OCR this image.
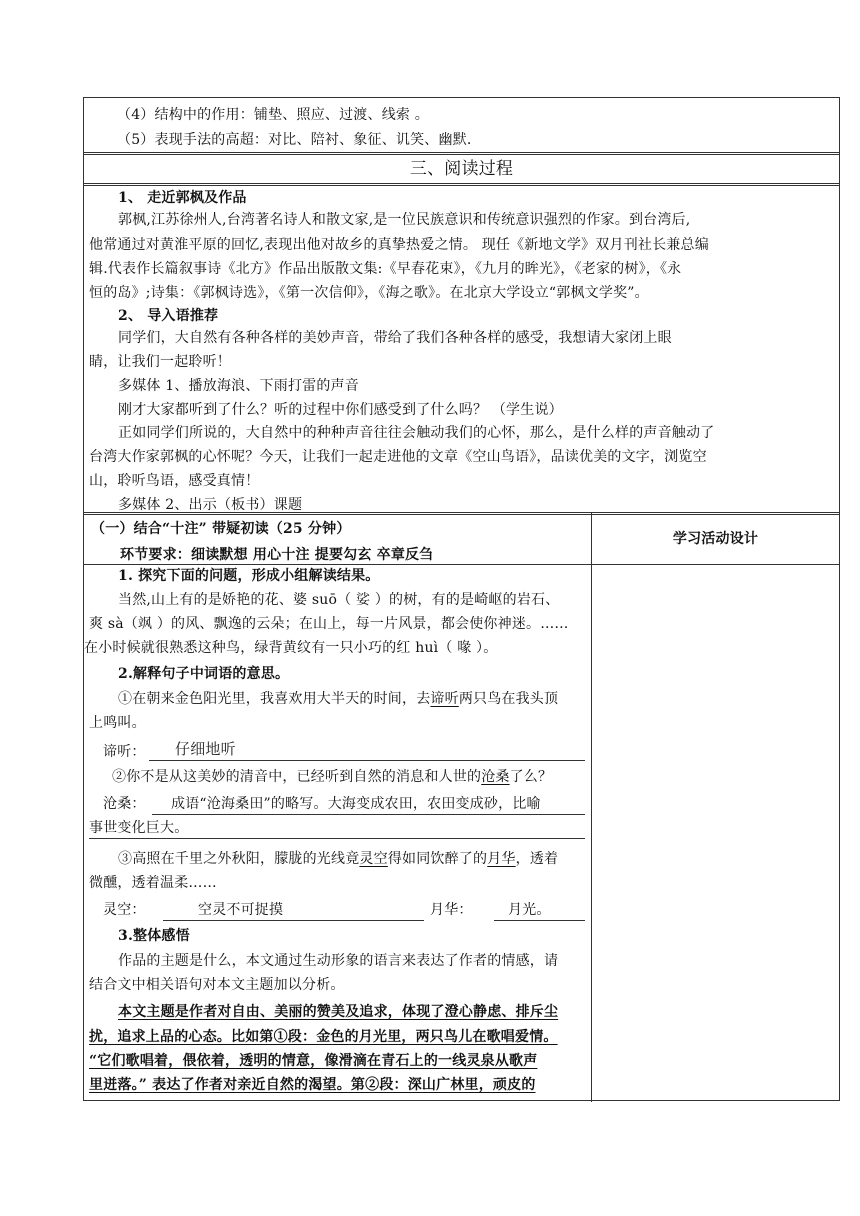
（4）结构中的作用：铺垫、照应、过渡、线索 。
（5）表现手法的高超：对比、陪衬、象征、讥笑、幽默.
三、阅读过程
1、 走近郭枫及作品
郭枫,江苏徐州人,台湾著名诗人和散文家,是一位民族意识和传统意识强烈的作家。到台湾后,
他常通过对黄淮平原的回忆,表现出他对故乡的真挚热爱之情。 现任《新地文学》双月刊社长兼总编
辑.代表作长篇叙事诗《北方》作品出版散文集:《早春花束》，《九月的眸光》，《老家的树》，《永
恒的岛》;诗集：《郭枫诗选》，《第一次信仰》，《海之歌》。在北京大学设立“郭枫文学奖”。
2、 导入语推荐
同学们，大自然有各种各样的美妙声音，带给了我们各种各样的感受，我想请大家闭上眼
睛，让我们一起聆听！
多媒体 1、播放海浪、下雨打雷的声音
刚才大家都听到了什么？听的过程中你们感受到了什么吗？ （学生说）
正如同学们所说的，大自然中的种种声音往往会触动我们的心怀，那么，是什么样的声音触动了
台湾大作家郭枫的心怀呢？今天，让我们一起走进他的文章《空山鸟语》，品读优美的文字，浏览空
山，聆听鸟语，感受真情！
多媒体 2、出示（板书）课题
（一）结合“十注” 带疑初读（25 分钟）
环节要求：细读默想 用心十注 提要勾玄 卒章反刍
学习活动设计
1. 探究下面的问题，形成小组解读结果。
当然,山上有的是娇艳的花、婆 suō（ 娑 ）的树，有的是崎岖的岩石、
爽 sà（飒 ）的风、飘逸的云朵；在山上，每一片风景，都会使你神迷。……
在小时候就很熟悉这种鸟，绿背黄纹有一只小巧的红 huì（ 喙 ）。
2.解释句子中词语的意思。
①在朝来金色阳光里，我喜欢用大半天的时间，去谛听两只鸟在我头顶
上鸣叫。
谛听： 仔细地听
②你不是从这美妙的清音中，已经听到自然的消息和人世的沧桑了么？
沧桑： 成语“沧海桑田”的略写。大海变成农田，农田变成砂，比喻
事世变化巨大。
③高照在千里之外秋阳，朦胧的光线竟灵空得如同饮醉了的月华，透着
微醺，透着温柔……
灵空：	空灵不可捉摸	月华：	月光。
3.整体感悟
作品的主题是什么，本文通过生动形象的语言来表达了作者的情感，请
结合文中相关语句对本文主题加以分析。
本文主题是作者对自由、美丽的赞美及追求，体现了澄心静虑、排斥尘
扰，追求上品的心态。比如第①段：金色的月光里，两只鸟儿在歌唱爱情。
“它们歌唱着，偎依着，透明的情意，像滑滴在青石上的一线灵泉从歌声
里迸落。” 表达了作者对亲近自然的渴望。第②段：深山广林里，顽皮的
